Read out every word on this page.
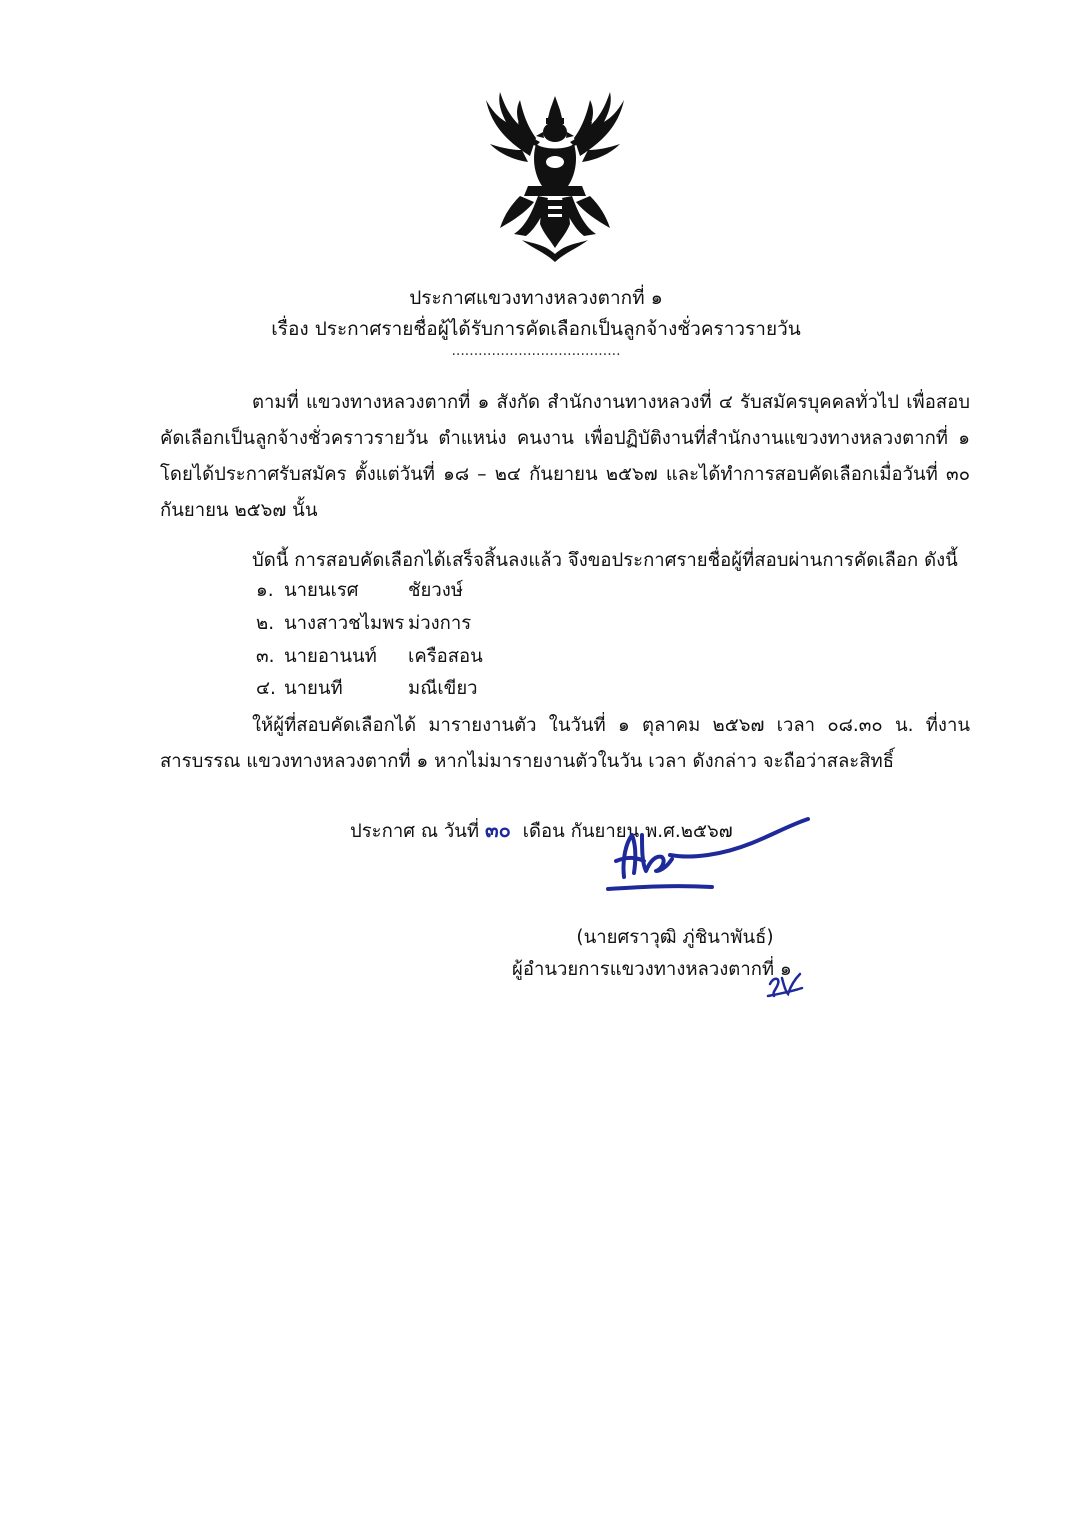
ประกาศแขวงทางหลวงตากที่ ๑
เรื่อง ประกาศรายชื่อผู้ได้รับการคัดเลือกเป็นลูกจ้างชั่วคราวรายวัน
......................................
ตามที่ แขวงทางหลวงตากที่ ๑ สังกัด สำนักงานทางหลวงที่ ๔ รับสมัครบุคคลทั่วไป เพื่อสอบคัดเลือกเป็นลูกจ้างชั่วคราวรายวัน ตำแหน่ง คนงาน เพื่อปฏิบัติงานที่สำนักงานแขวงทางหลวงตากที่ ๑ โดยได้ประกาศรับสมัคร ตั้งแต่วันที่ ๑๘ – ๒๔ กันยายน ๒๕๖๗ และได้ทำการสอบคัดเลือกเมื่อวันที่ ๓๐ กันยายน ๒๕๖๗ นั้น
บัดนี้ การสอบคัดเลือกได้เสร็จสิ้นลงแล้ว จึงขอประกาศรายชื่อผู้ที่สอบผ่านการคัดเลือก ดังนี้
๑. นายนเรศ	ชัยวงษ์
๒. นางสาวชไมพร ม่วงการ
๓. นายอานนท์ เครือสอน
๔. นายนที	มณีเขียว
ให้ผู้ที่สอบคัดเลือกได้ มารายงานตัว ในวันที่ ๑ ตุลาคม ๒๕๖๗ เวลา ๐๘.๓๐ น. ที่งานสารบรรณ แขวงทางหลวงตากที่ ๑ หากไม่มารายงานตัวในวัน เวลา ดังกล่าว จะถือว่าสละสิทธิ์
ประกาศ ณ วันที่ ๓๐ เดือน กันยายน พ.ศ.๒๕๖๗
(นายศราวุฒิ ภู่ชินาพันธ์)
ผู้อำนวยการแขวงทางหลวงตากที่ ๑
